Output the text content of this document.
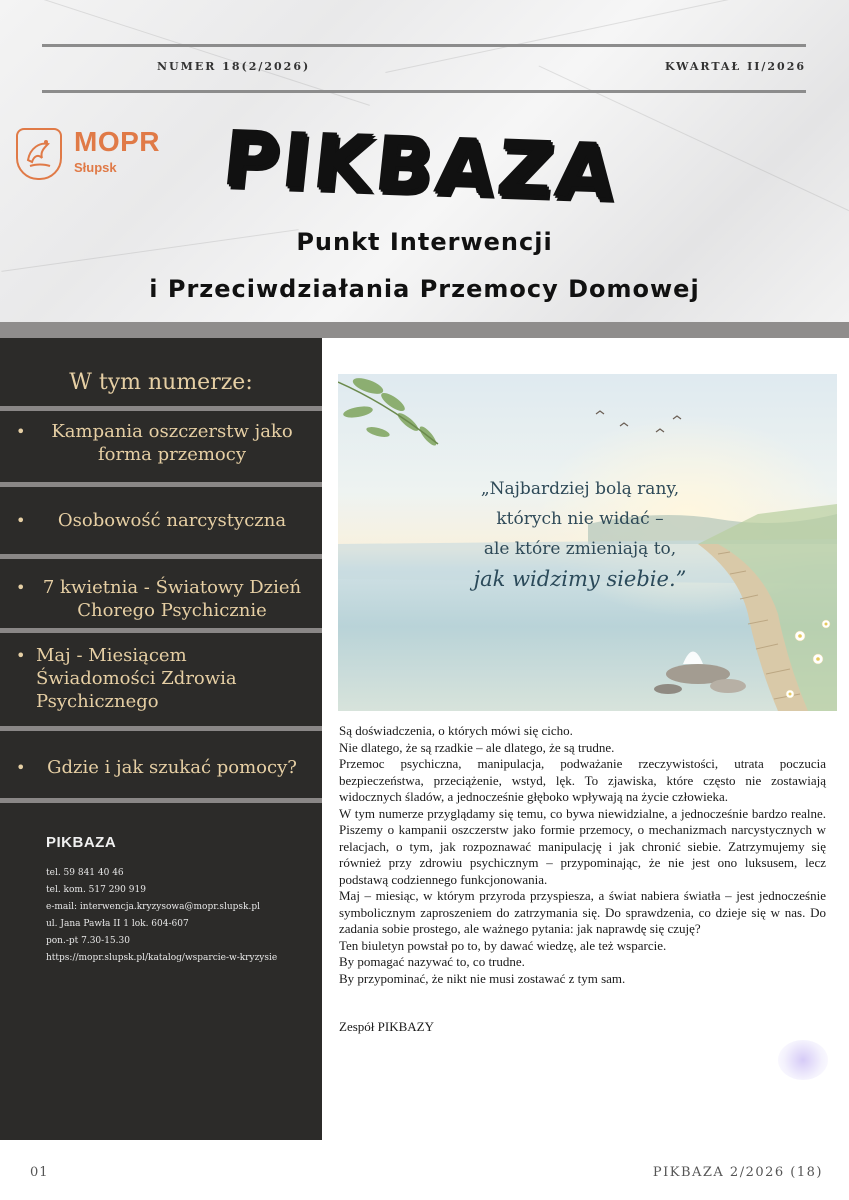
NUMER 18(2/2026)	KWARTAŁ II/2026
MOPR
Słupsk	PIKBAZA
Punkt Interwencji
i Przeciwdziałania Przemocy Domowej
W tym numerze:
•	Kampania oszczerstw jako forma przemocy
•	Osobowość narcystyczna
• 7 kwietnia - Światowy Dzień Chorego Psychicznie
• Maj - Miesiącem Świadomości Zdrowia Psychicznego
•	Gdzie i jak szukać pomocy?
PIKBAZA
tel. 59 841 40 46
tel. kom. 517 290 919
e-mail: interwencja.kryzysowa@mopr.slupsk.pl
ul. Jana Pawła II 1 lok. 604-607
pon.-pt 7.30-15.30
https://mopr.slupsk.pl/katalog/wsparcie-w-kryzysie
„Najbardziej bolą rany,
których nie widać –
ale które zmieniają to,
jak widzimy siebie.”

Są doświadczenia, o których mówi się cicho.

Nie dlatego, że są rzadkie – ale dlatego, że są trudne.

Przemoc psychiczna, manipulacja, podważanie rzeczywistości, utrata poczucia bezpieczeństwa, przeciążenie, wstyd, lęk. To zjawiska, które często nie zostawiają widocznych śladów, a jednocześnie głęboko wpływają na życie człowieka.

W tym numerze przyglądamy się temu, co bywa niewidzialne, a jednocześnie bardzo realne. Piszemy o kampanii oszczerstw jako formie przemocy, o mechanizmach narcystycznych w relacjach, o tym, jak rozpoznawać manipulację i jak chronić siebie. Zatrzymujemy się również przy zdrowiu psychicznym – przypominając, że nie jest ono luksusem, lecz podstawą codziennego funkcjonowania.

Maj – miesiąc, w którym przyroda przyspiesza, a świat nabiera światła – jest jednocześnie symbolicznym zaproszeniem do zatrzymania się. Do sprawdzenia, co dzieje się w nas. Do zadania sobie prostego, ale ważnego pytania: jak naprawdę się czuję?

Ten biuletyn powstał po to, by dawać wiedzę, ale też wsparcie.

By pomagać nazywać to, co trudne.

By przypominać, że nikt nie musi zostawać z tym sam.

Zespół PIKBAZY
01	PIKBAZA 2/2026 (18)
